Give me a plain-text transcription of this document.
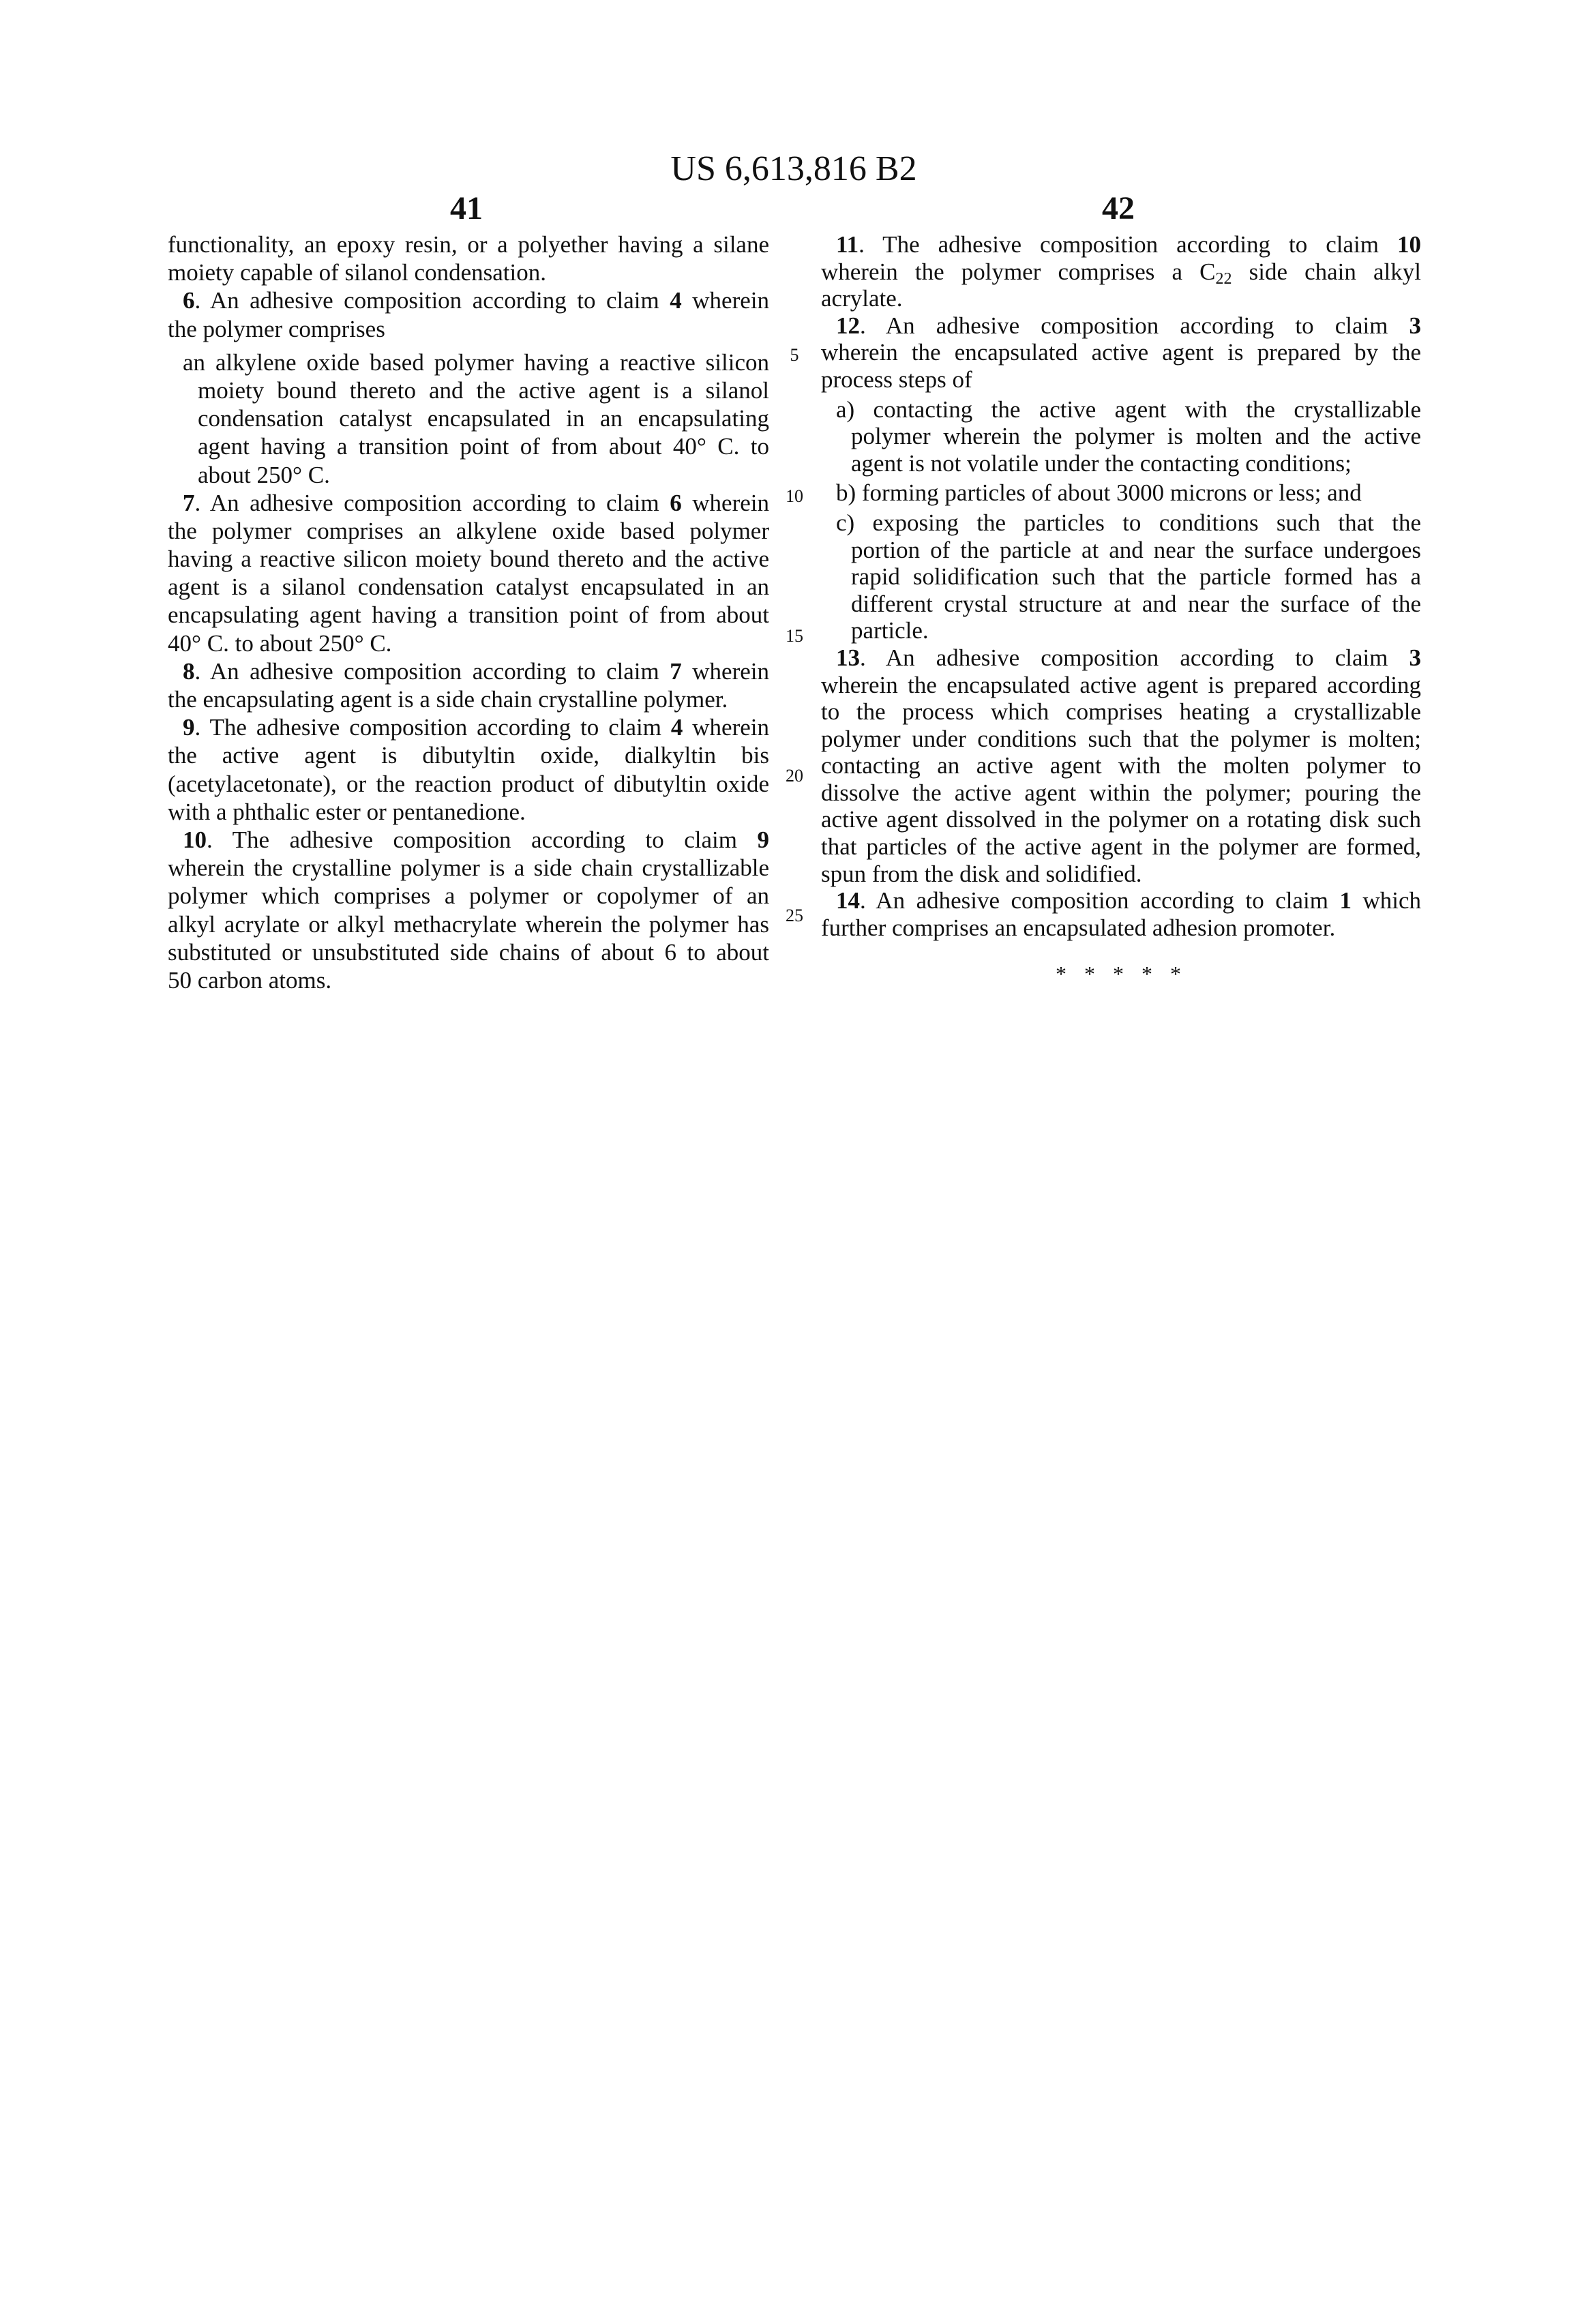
US 6,613,816 B2
41	42
functionality, an epoxy resin, or a polyether having a silane
moiety capable of silanol condensation.
6. An adhesive composition according to claim 4 wherein
the polymer comprises
an alkylene oxide based polymer having a reactive silicon
moiety bound thereto and the active agent is a silanol
condensation catalyst encapsulated in an encapsulating
agent having a transition point of from about 40° C. to
about 250° C.
7. An adhesive composition according to claim 6 wherein
the polymer comprises an alkylene oxide based polymer
having a reactive silicon moiety bound thereto and the active
agent is a silanol condensation catalyst encapsulated in an
encapsulating agent having a transition point of from about
40° C. to about 250° C.
8. An adhesive composition according to claim 7 wherein
the encapsulating agent is a side chain crystalline polymer.
9. The adhesive composition according to claim 4 wherein
the active agent is dibutyltin oxide, dialkyltin bis
(acetylacetonate), or the reaction product of dibutyltin oxide
with a phthalic ester or pentanedione.
10. The adhesive composition according to claim 9
wherein the crystalline polymer is a side chain crystallizable
polymer which comprises a polymer or copolymer of an
alkyl acrylate or alkyl methacrylate wherein the polymer has
substituted or unsubstituted side chains of about 6 to about
50 carbon atoms.
11. The adhesive composition according to claim 10
wherein the polymer comprises a C22 side chain alkyl
acrylate.
12. An adhesive composition according to claim 3
wherein the encapsulated active agent is prepared by the
process steps of
a) contacting the active agent with the crystallizable
polymer wherein the polymer is molten and the active
agent is not volatile under the contacting conditions;
b) forming particles of about 3000 microns or less; and
c) exposing the particles to conditions such that the
portion of the particle at and near the surface undergoes
rapid solidification such that the particle formed has a
different crystal structure at and near the surface of the
particle.
13. An adhesive composition according to claim 3
wherein the encapsulated active agent is prepared according
to the process which comprises heating a crystallizable
polymer under conditions such that the polymer is molten;
contacting an active agent with the molten polymer to
dissolve the active agent within the polymer; pouring the
active agent dissolved in the polymer on a rotating disk such
that particles of the active agent in the polymer are formed,
spun from the disk and solidified.
14. An adhesive composition according to claim 1 which
further comprises an encapsulated adhesion promoter.
5
10
15
20
25
* * * * *
